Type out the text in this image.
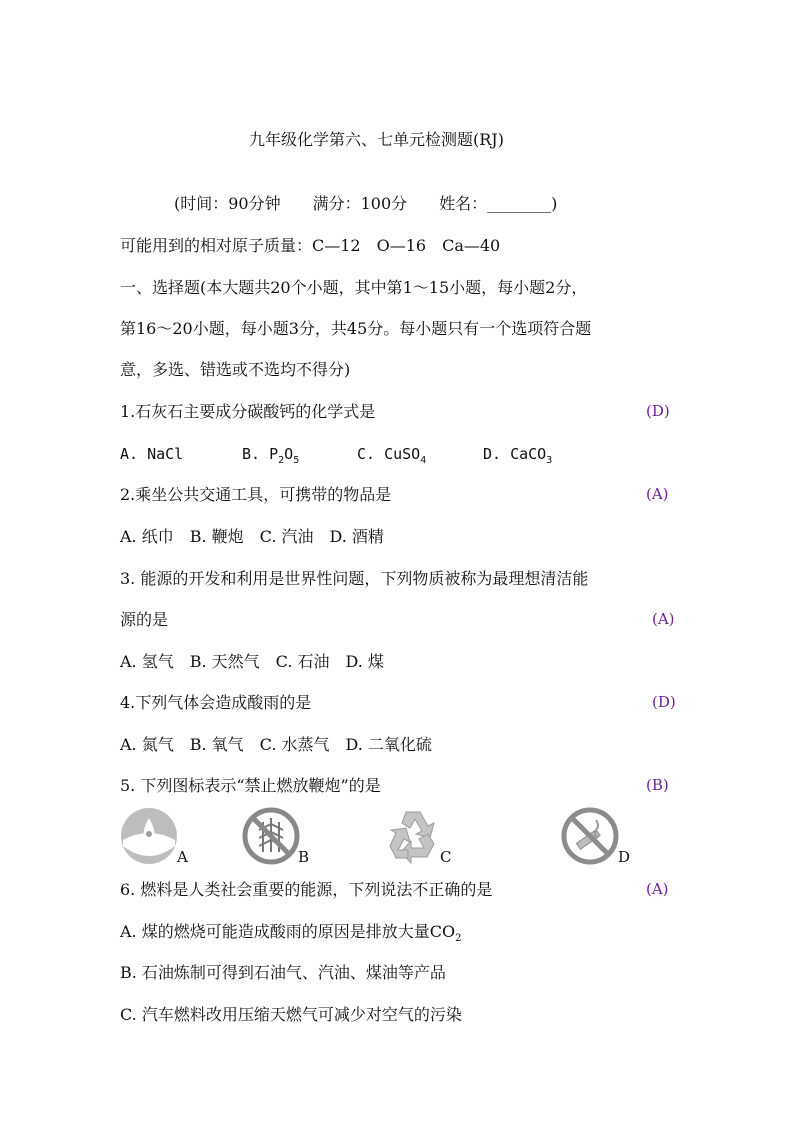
九年级化学第六、七单元检测题(RJ)
(时间：90分钟　　满分：100分　　姓名：________)
可能用到的相对原子质量：C—12　O—16　Ca—40
一、选择题(本大题共20个小题，其中第1～15小题，每小题2分，
第16～20小题，每小题3分，共45分。每小题只有一个选项符合题
意，多选、错选或不选均不得分)
1.石灰石主要成分碳酸钙的化学式是	(D)
A. NaCl	B. $P_2O_5$	C. CuSO$_4$	D. CaCO$_3$
2.乘坐公共交通工具，可携带的物品是	(A)
A. 纸巾　B. 鞭炮　C. 汽油　D. 酒精
3. 能源的开发和利用是世界性问题，下列物质被称为最理想清洁能
源的是	(A)
A. 氢气　B. 天然气　C. 石油　D. 煤
4.下列气体会造成酸雨的是	(D)
A. 氮气　B. 氧气　C. 水蒸气　D. 二氧化硫
5. 下列图标表示“禁止燃放鞭炮”的是	(B)
A	B	C	D
6. 燃料是人类社会重要的能源，下列说法不正确的是	(A)
A. 煤的燃烧可能造成酸雨的原因是排放大量$CO_2$
B. 石油炼制可得到石油气、汽油、煤油等产品
C. 汽车燃料改用压缩天燃气可减少对空气的污染
